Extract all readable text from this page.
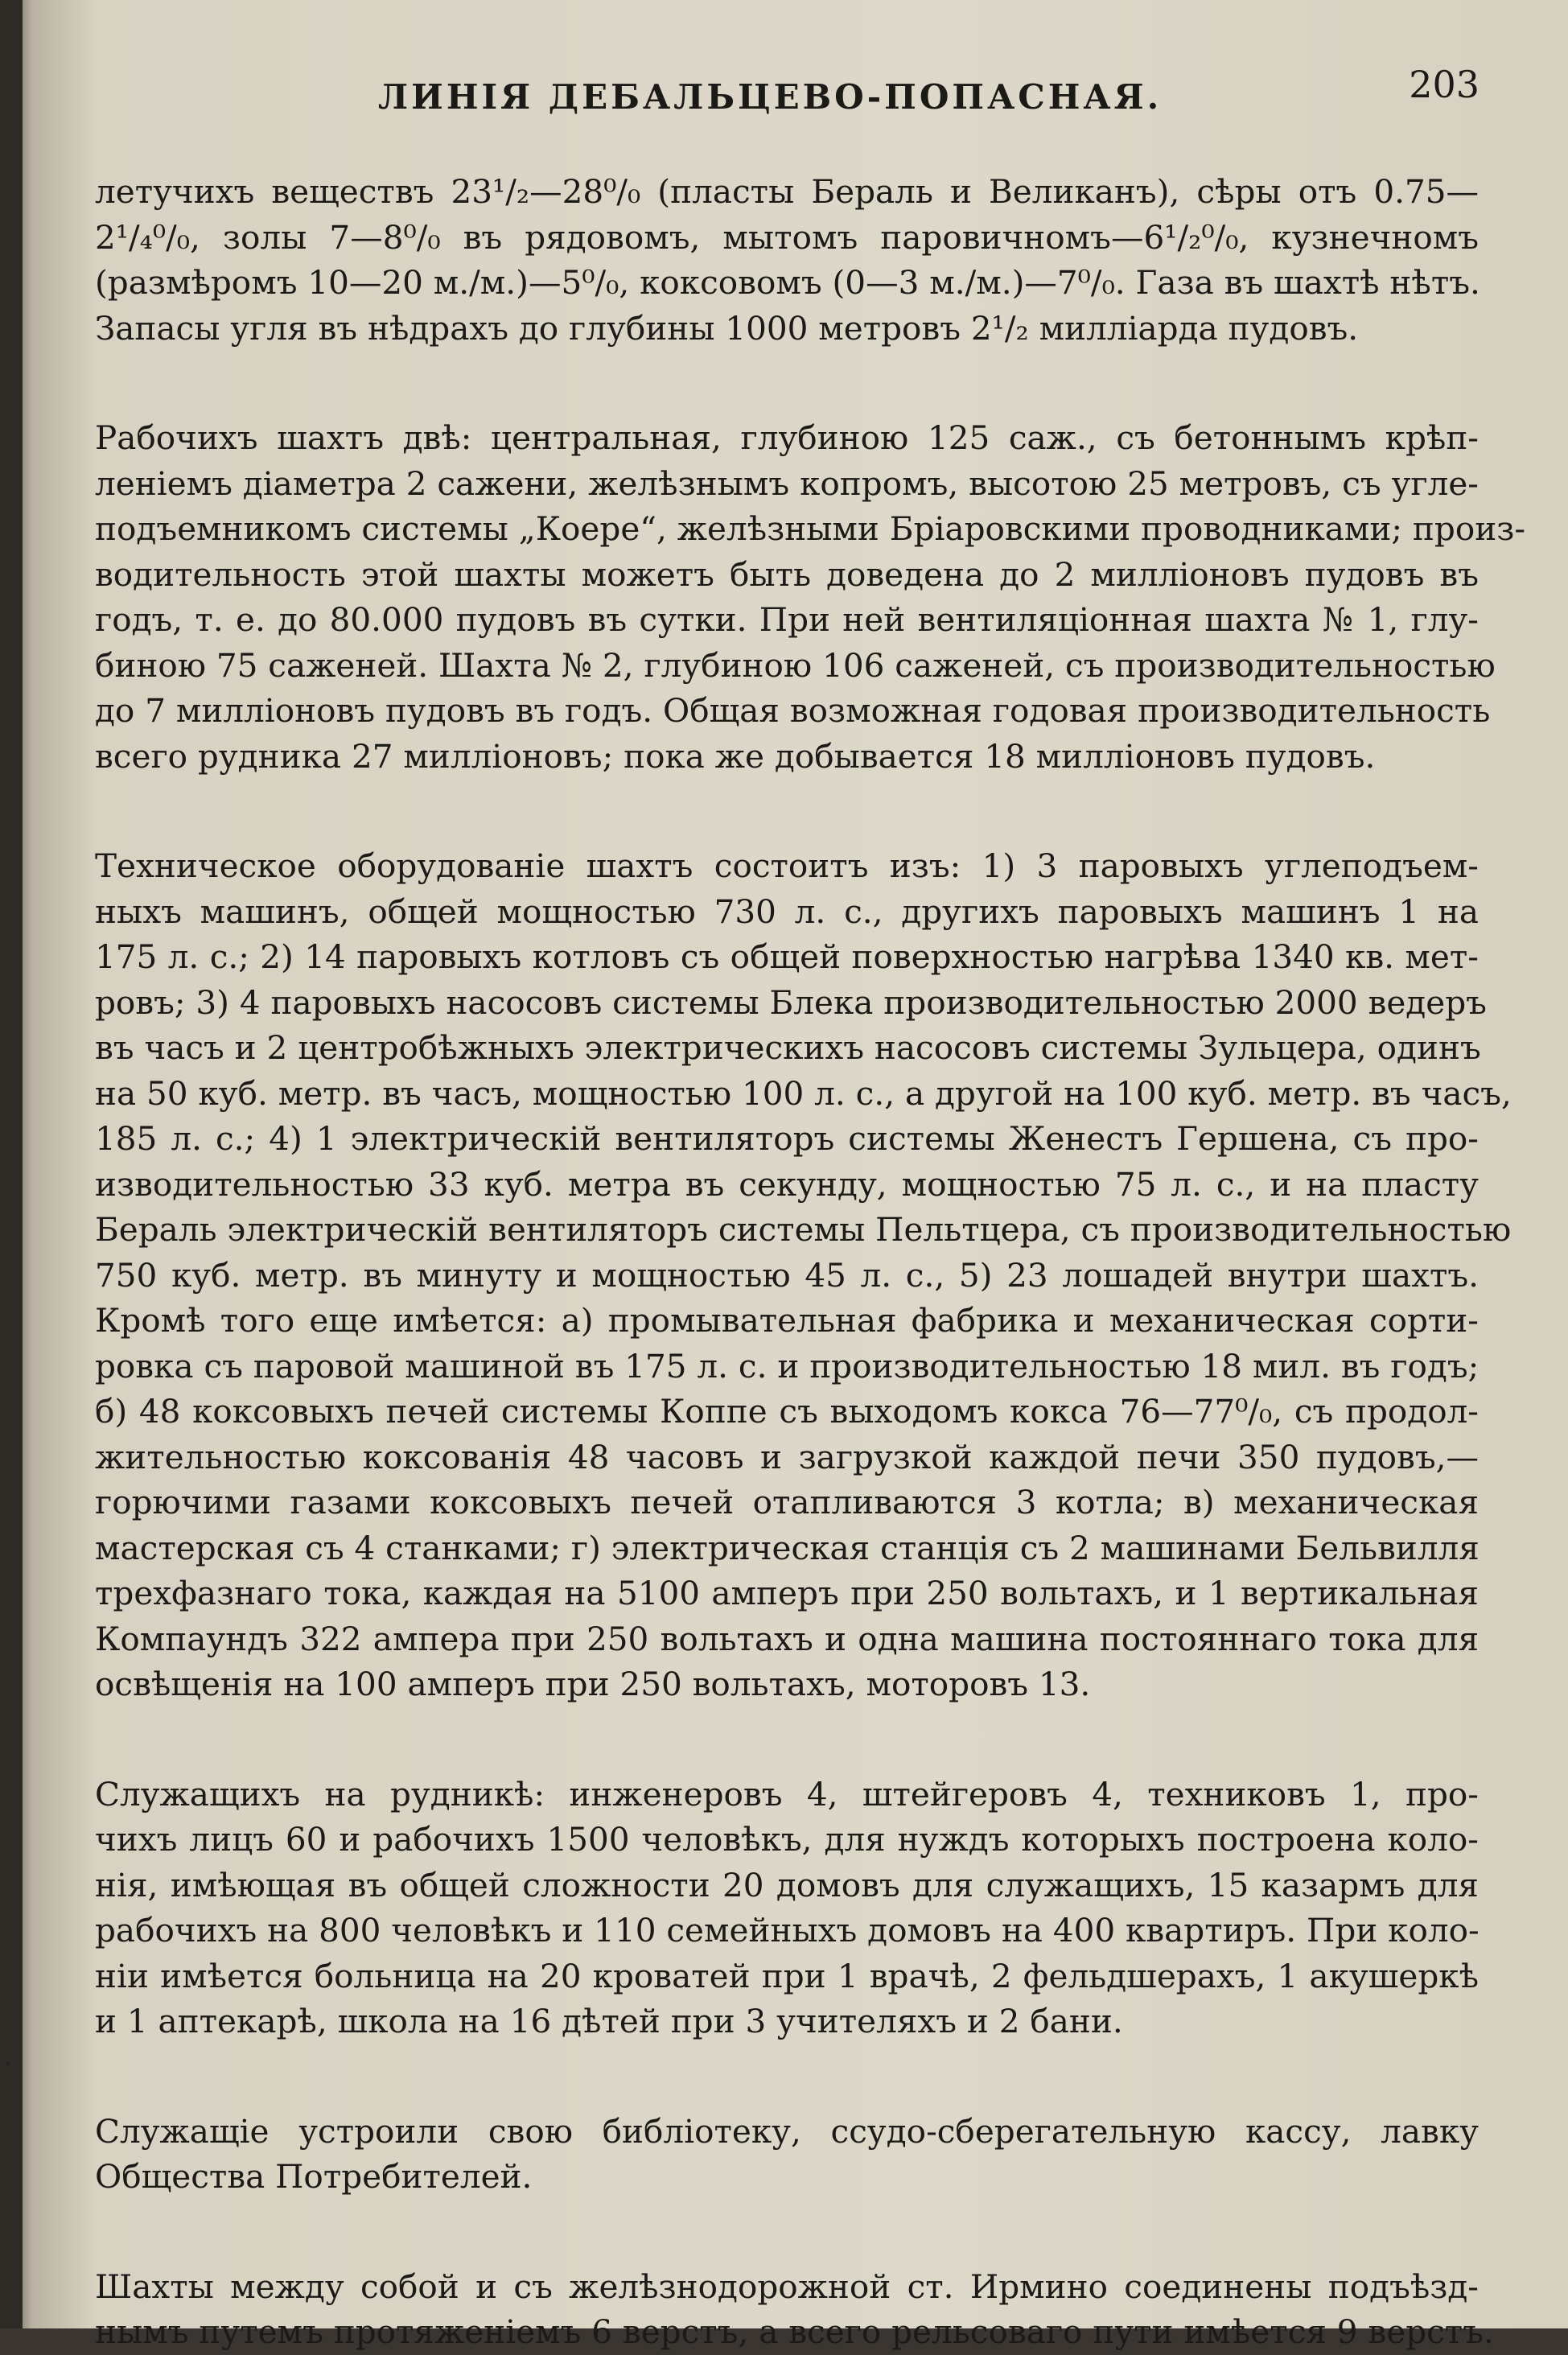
.
ЛИНІЯ ДЕБАЛЬЦЕВО-ПОПАСНАЯ.	203

летучихъ веществъ 23¹/₂—28⁰/₀ (пласты Бераль и Великанъ), сѣры отъ 0.75—
2¹/₄⁰/₀, золы 7—8⁰/₀ въ рядовомъ, мытомъ паровичномъ—6¹/₂⁰/₀, кузнечномъ
(размѣромъ 10—20 м./м.)—5⁰/₀, коксовомъ (0—3 м./м.)—7⁰/₀. Газа въ шахтѣ нѣтъ.
Запасы угля въ нѣдрахъ до глубины 1000 метровъ 2¹/₂ милліарда пудовъ.

Рабочихъ шахтъ двѣ: центральная, глубиною 125 саж., съ бетоннымъ крѣп-
леніемъ діаметра 2 сажени, желѣзнымъ копромъ, высотою 25 метровъ, съ угле-
подъемникомъ системы „Коере“, желѣзными Бріаровскими проводниками; произ-
водительность этой шахты можетъ быть доведена до 2 милліоновъ пудовъ въ
годъ, т. е. до 80.000 пудовъ въ сутки. При ней вентиляціонная шахта № 1, глу-
биною 75 саженей. Шахта № 2, глубиною 106 саженей, съ производительностью
до 7 милліоновъ пудовъ въ годъ. Общая возможная годовая производительность
всего рудника 27 милліоновъ; пока же добывается 18 милліоновъ пудовъ.

Техническое оборудованіе шахтъ состоитъ изъ: 1) 3 паровыхъ углеподъем-
ныхъ машинъ, общей мощностью 730 л. с., другихъ паровыхъ машинъ 1 на
175 л. с.; 2) 14 паровыхъ котловъ съ общей поверхностью нагрѣва 1340 кв. мет-
ровъ; 3) 4 паровыхъ насосовъ системы Блека производительностью 2000 ведеръ
въ часъ и 2 центробѣжныхъ электрическихъ насосовъ системы Зульцера, одинъ
на 50 куб. метр. въ часъ, мощностью 100 л. с., а другой на 100 куб. метр. въ часъ,
185 л. с.; 4) 1 электрическій вентиляторъ системы Женестъ Гершена, съ про-
изводительностью 33 куб. метра въ секунду, мощностью 75 л. с., и на пласту
Бераль электрическій вентиляторъ системы Пельтцера, съ производительностью
750 куб. метр. въ минуту и мощностью 45 л. с., 5) 23 лошадей внутри шахтъ.
Кромѣ того еще имѣется: а) промывательная фабрика и механическая сорти-
ровка съ паровой машиной въ 175 л. с. и производительностью 18 мил. въ годъ;
б) 48 коксовыхъ печей системы Коппе съ выходомъ кокса 76—77⁰/₀, съ продол-
жительностью коксованія 48 часовъ и загрузкой каждой печи 350 пудовъ,—
горючими газами коксовыхъ печей отапливаются 3 котла; в) механическая
мастерская съ 4 станками; г) электрическая станція съ 2 машинами Бельвилля
трехфазнаго тока, каждая на 5100 амперъ при 250 вольтахъ, и 1 вертикальная
Компаундъ 322 ампера при 250 вольтахъ и одна машина постояннаго тока для
освѣщенія на 100 амперъ при 250 вольтахъ, моторовъ 13.

Служащихъ на рудникѣ: инженеровъ 4, штейгеровъ 4, техниковъ 1, про-
чихъ лицъ 60 и рабочихъ 1500 человѣкъ, для нуждъ которыхъ построена коло-
нія, имѣющая въ общей сложности 20 домовъ для служащихъ, 15 казармъ для
рабочихъ на 800 человѣкъ и 110 семейныхъ домовъ на 400 квартиръ. При коло-
ніи имѣется больница на 20 кроватей при 1 врачѣ, 2 фельдшерахъ, 1 акушеркѣ
и 1 аптекарѣ, школа на 16 дѣтей при 3 учителяхъ и 2 бани.

Служащіе устроили свою библіотеку, ссудо-сберегательную кассу, лавку
Общества Потребителей.

Шахты между собой и съ желѣзнодорожной ст. Ирмино соединены подъѣзд-
нымъ путемъ протяженіемъ 6 верстъ, а всего рельсоваго пути имѣется 9 верстъ.
